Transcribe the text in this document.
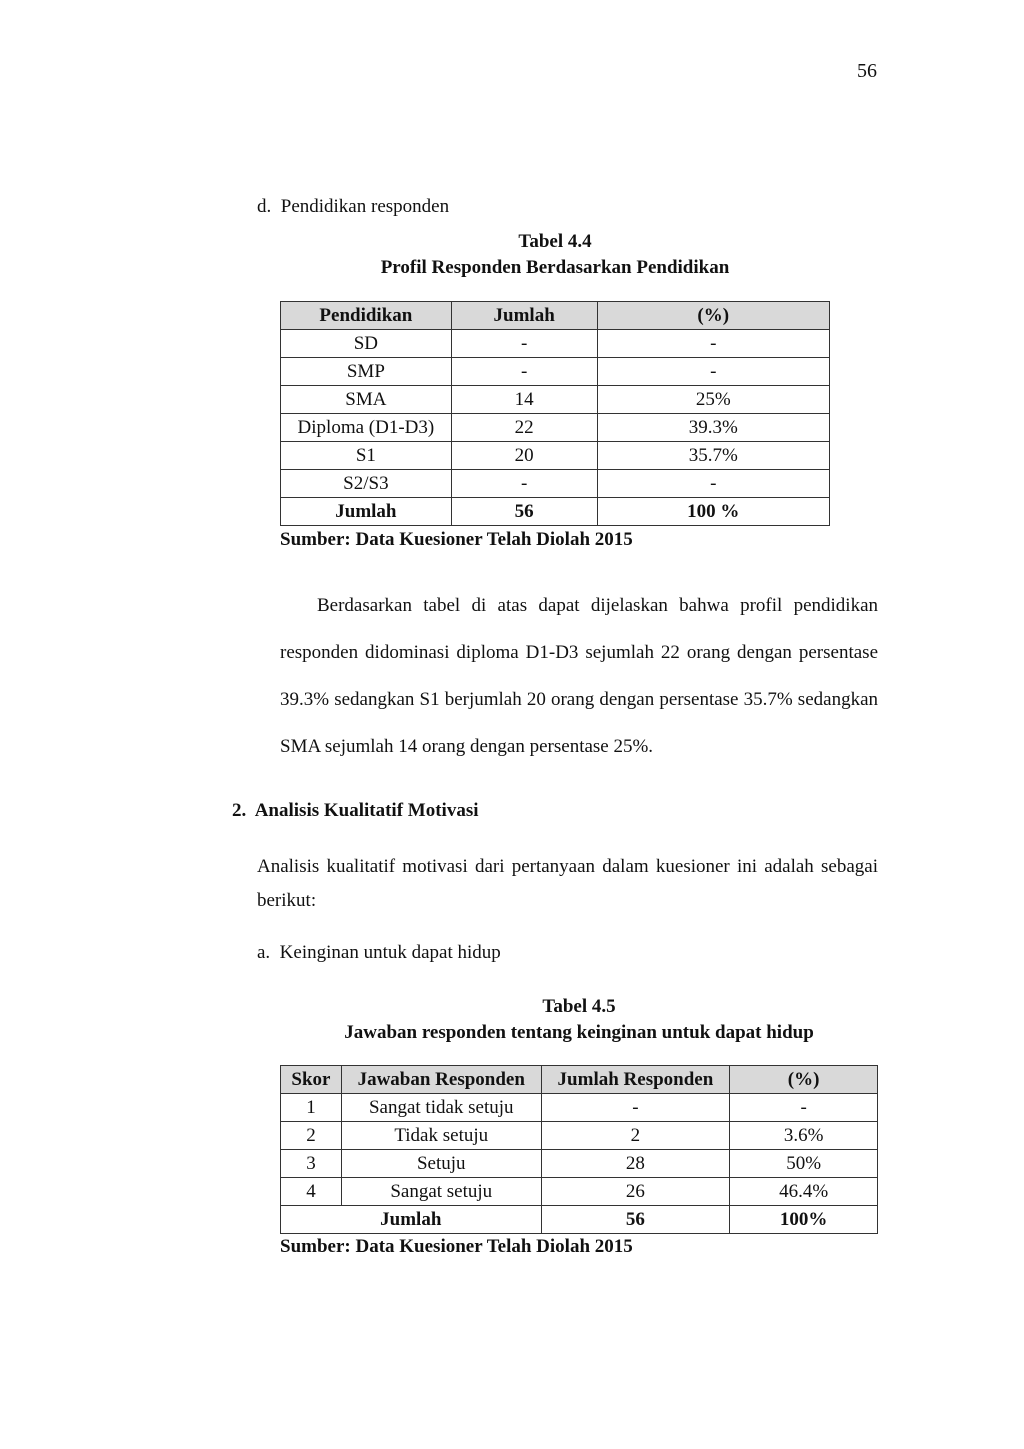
56
d.  Pendidikan responden
Tabel 4.4
Profil Responden Berdasarkan Pendidikan
Pendidikan	Jumlah	(%)
SD	-	-
SMP	-	-
SMA	14	25%
Diploma (D1-D3)	22	39.3%
S1	20	35.7%
S2/S3	-	-
Jumlah	56	100 %
Sumber: Data Kuesioner Telah Diolah 2015
Berdasarkan tabel di atas dapat dijelaskan bahwa profil pendidikan responden didominasi diploma D1-D3 sejumlah 22 orang dengan persentase 39.3% sedangkan S1 berjumlah 20 orang dengan persentase 35.7% sedangkan SMA sejumlah 14 orang dengan persentase 25%.
2.  Analisis Kualitatif Motivasi
Analisis kualitatif motivasi dari pertanyaan dalam kuesioner ini adalah sebagai berikut:
a.  Keinginan untuk dapat hidup
Tabel 4.5
Jawaban responden tentang keinginan untuk dapat hidup
Skor	Jawaban Responden	Jumlah Responden	(%)
1	Sangat tidak setuju	-	-
2	Tidak setuju	2	3.6%
3	Setuju	28	50%
4	Sangat setuju	26	46.4%
Jumlah		56	100%
Sumber: Data Kuesioner Telah Diolah 2015
